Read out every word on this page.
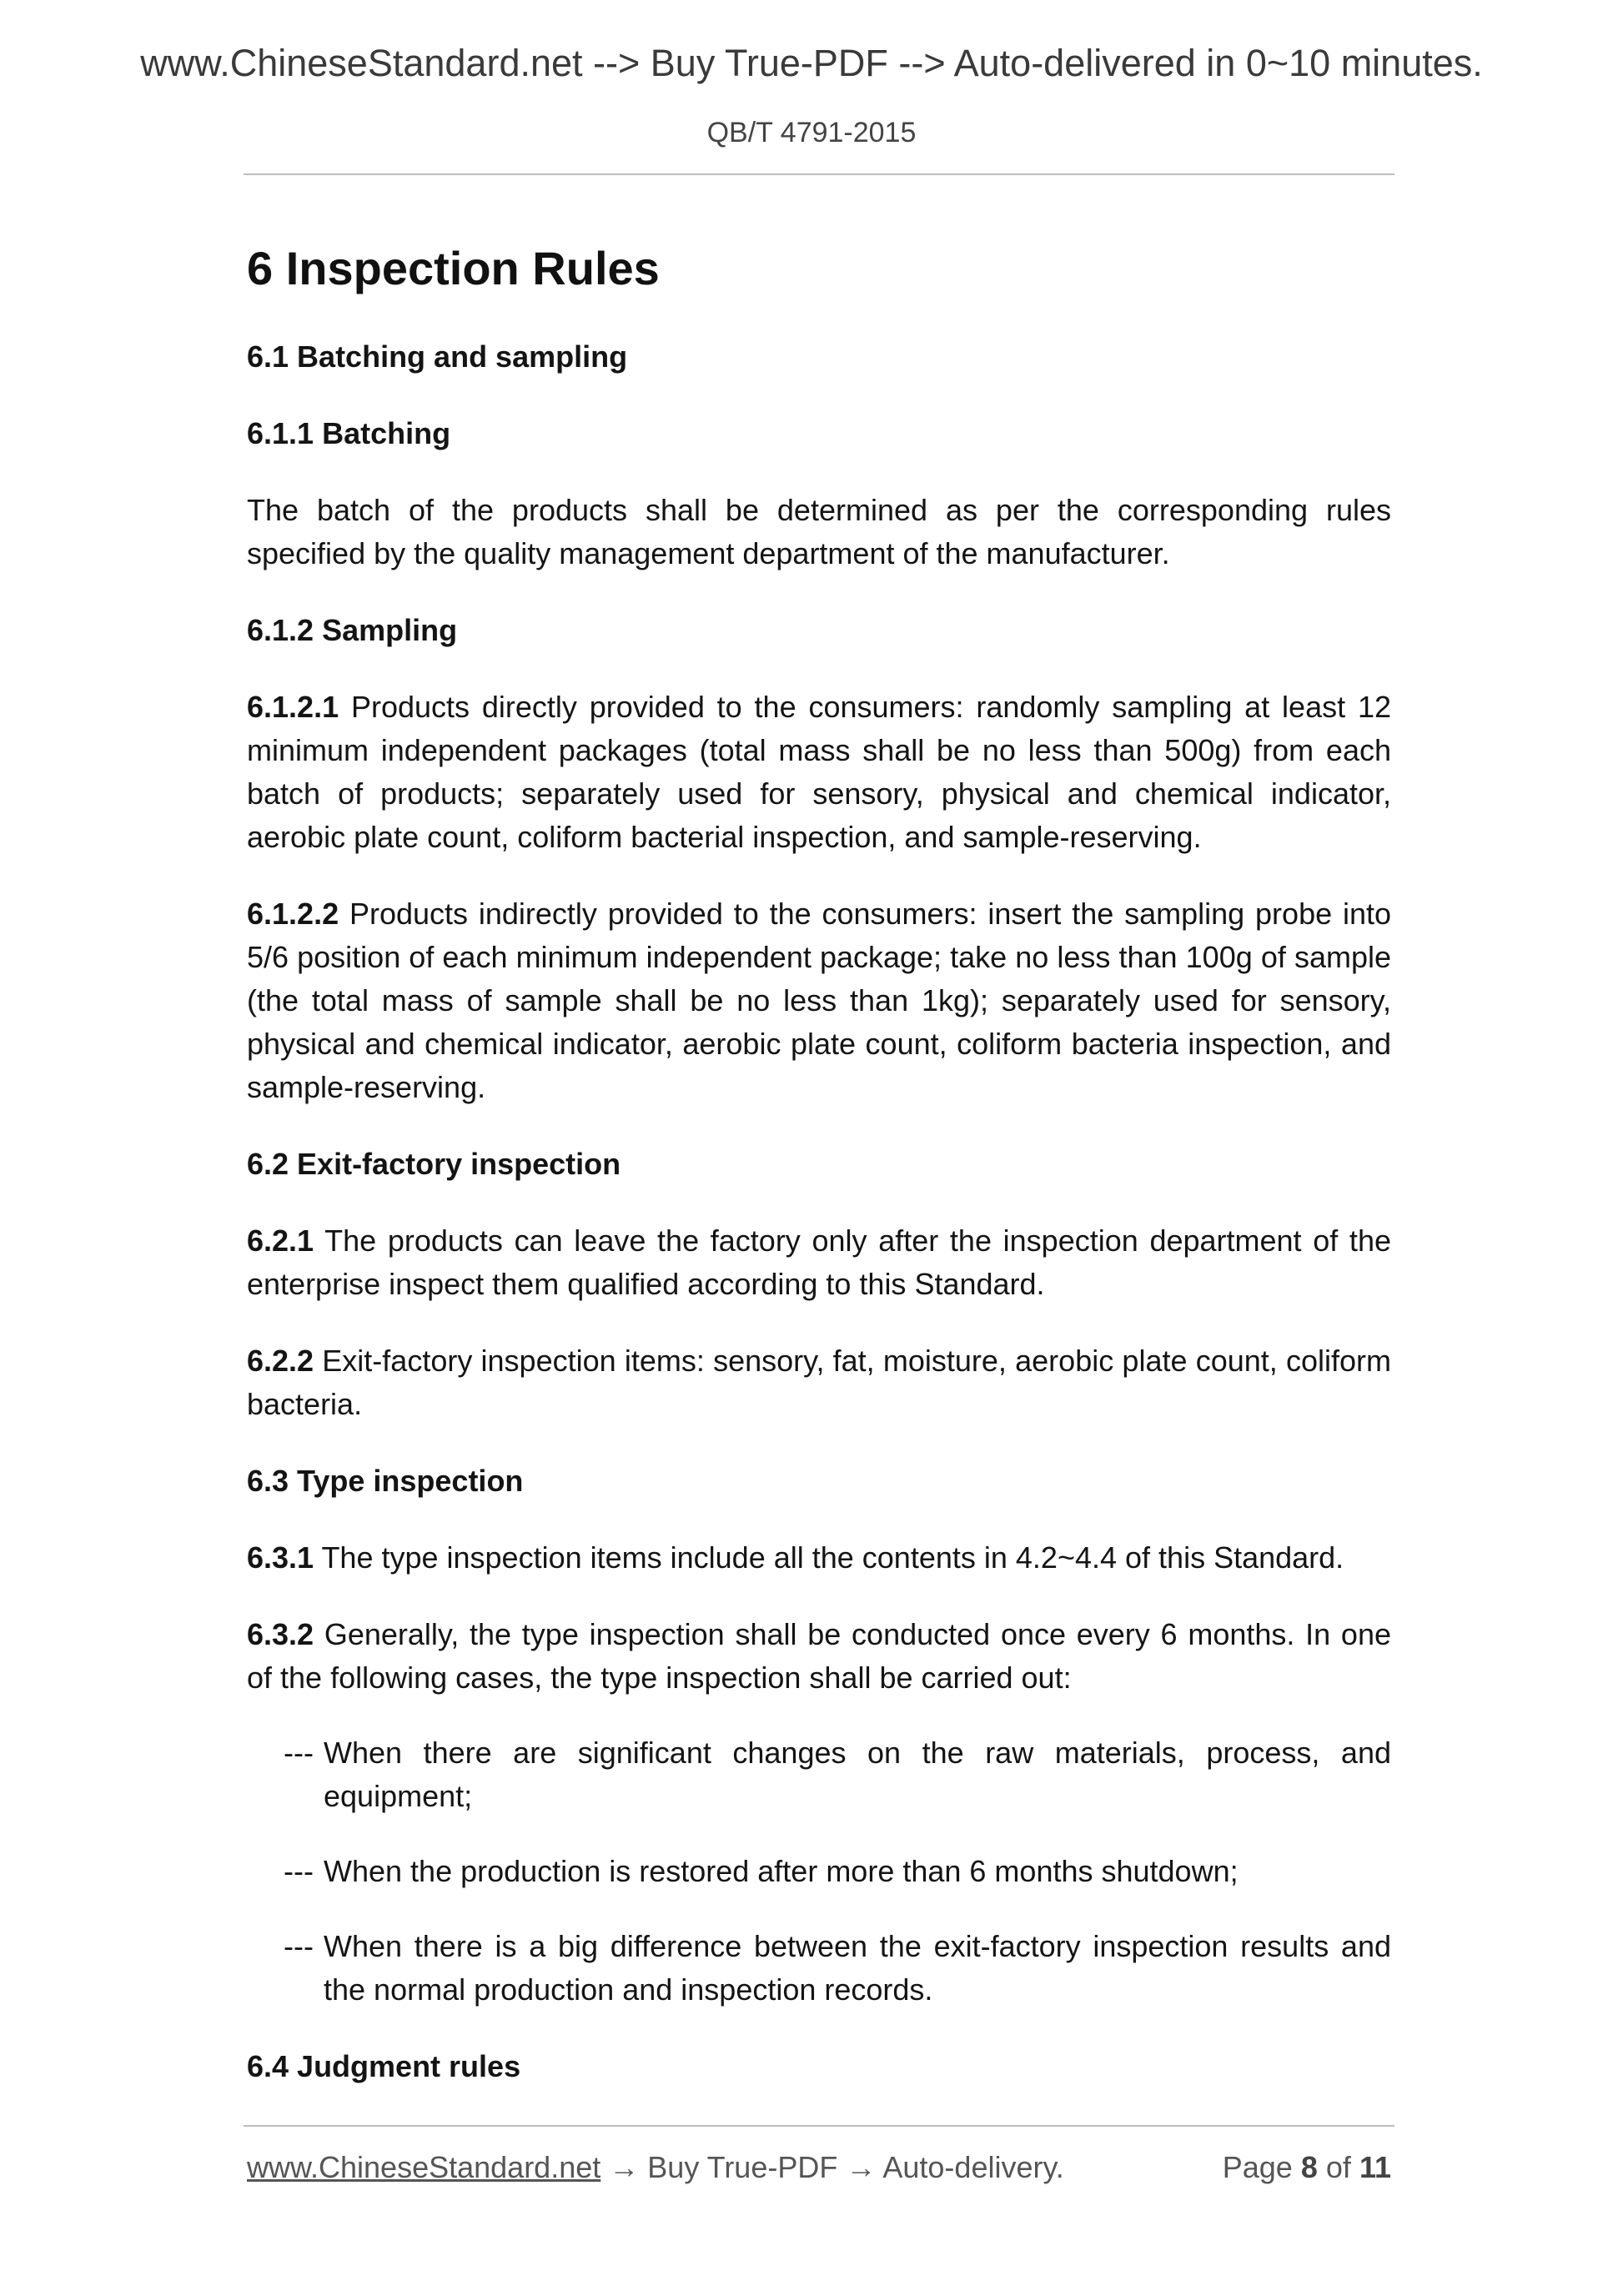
www.ChineseStandard.net --> Buy True-PDF --> Auto-delivered in 0~10 minutes.
QB/T 4791-2015
6 Inspection Rules
6.1 Batching and sampling
6.1.1 Batching

The batch of the products shall be determined as per the corresponding rules specified by the quality management department of the manufacturer.

6.1.2 Sampling

6.1.2.1 Products directly provided to the consumers: randomly sampling at least 12 minimum independent packages (total mass shall be no less than 500g) from each batch of products; separately used for sensory, physical and chemical indicator, aerobic plate count, coliform bacterial inspection, and sample-reserving.

6.1.2.2 Products indirectly provided to the consumers: insert the sampling probe into 5/6 position of each minimum independent package; take no less than 100g of sample (the total mass of sample shall be no less than 1kg); separately used for sensory, physical and chemical indicator, aerobic plate count, coliform bacteria inspection, and sample-reserving.

6.2 Exit-factory inspection

6.2.1 The products can leave the factory only after the inspection department of the enterprise inspect them qualified according to this Standard.

6.2.2 Exit-factory inspection items: sensory, fat, moisture, aerobic plate count, coliform bacteria.

6.3 Type inspection

6.3.1 The type inspection items include all the contents in 4.2~4.4 of this Standard.

6.3.2 Generally, the type inspection shall be conducted once every 6 months. In one of the following cases, the type inspection shall be carried out:

--- When there are significant changes on the raw materials, process, and equipment;

--- When the production is restored after more than 6 months shutdown;

--- When there is a big difference between the exit-factory inspection results and the normal production and inspection records.

6.4 Judgment rules
www.ChineseStandard.net → Buy True-PDF → Auto-delivery.	Page 8 of 11
